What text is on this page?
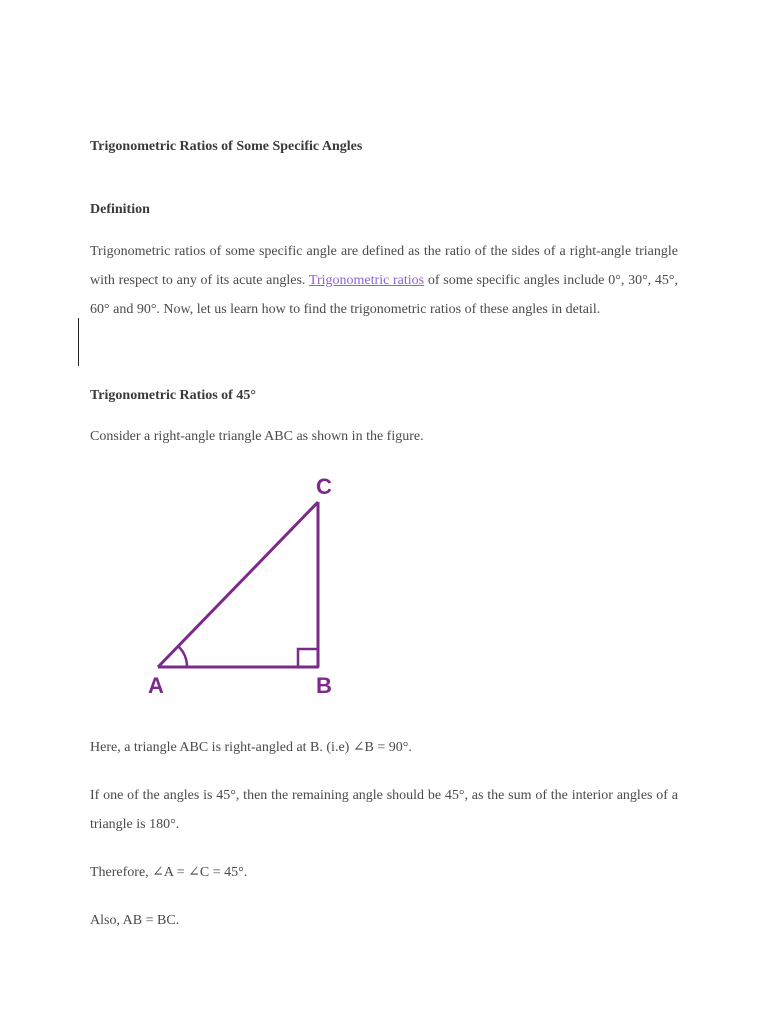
Trigonometric Ratios of Some Specific Angles
Definition

Trigonometric ratios of some specific angle are defined as the ratio of the sides of a right-angle triangle with respect to any of its acute angles. Trigonometric ratios of some specific angles include 0°, 30°, 45°, 60° and 90°. Now, let us learn how to find the trigonometric ratios of these angles in detail.

Trigonometric Ratios of 45°
Consider a right-angle triangle ABC as shown in the figure.
A	B
C
Here, a triangle ABC is right-angled at B. (i.e) ∠B = 90°.

If one of the angles is 45°, then the remaining angle should be 45°, as the sum of the interior angles of a triangle is 180°.

Therefore, ∠A = ∠C = 45°.
Also, AB = BC.
